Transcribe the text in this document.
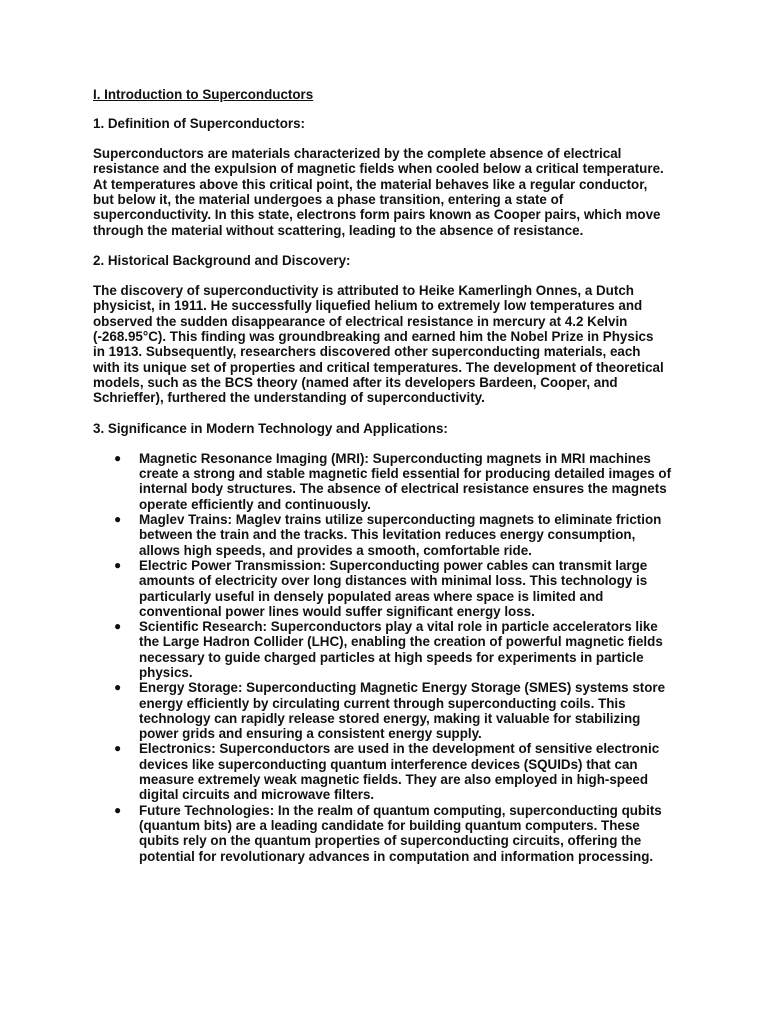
I. Introduction to Superconductors
1. Definition of Superconductors:
Superconductors are materials characterized by the complete absence of electrical resistance and the expulsion of magnetic fields when cooled below a critical temperature. At temperatures above this critical point, the material behaves like a regular conductor, but below it, the material undergoes a phase transition, entering a state of superconductivity. In this state, electrons form pairs known as Cooper pairs, which move through the material without scattering, leading to the absence of resistance.
2. Historical Background and Discovery:
The discovery of superconductivity is attributed to Heike Kamerlingh Onnes, a Dutch physicist, in 1911. He successfully liquefied helium to extremely low temperatures and observed the sudden disappearance of electrical resistance in mercury at 4.2 Kelvin (-268.95°C). This finding was groundbreaking and earned him the Nobel Prize in Physics in 1913. Subsequently, researchers discovered other superconducting materials, each with its unique set of properties and critical temperatures. The development of theoretical models, such as the BCS theory (named after its developers Bardeen, Cooper, and Schrieffer), furthered the understanding of superconductivity.
3. Significance in Modern Technology and Applications:
● Magnetic Resonance Imaging (MRI): Superconducting magnets in MRI machines create a strong and stable magnetic field essential for producing detailed images of internal body structures. The absence of electrical resistance ensures the magnets operate efficiently and continuously.
● Maglev Trains: Maglev trains utilize superconducting magnets to eliminate friction between the train and the tracks. This levitation reduces energy consumption, allows high speeds, and provides a smooth, comfortable ride.
● Electric Power Transmission: Superconducting power cables can transmit large amounts of electricity over long distances with minimal loss. This technology is particularly useful in densely populated areas where space is limited and conventional power lines would suffer significant energy loss.
● Scientific Research: Superconductors play a vital role in particle accelerators like the Large Hadron Collider (LHC), enabling the creation of powerful magnetic fields necessary to guide charged particles at high speeds for experiments in particle physics.
● Energy Storage: Superconducting Magnetic Energy Storage (SMES) systems store energy efficiently by circulating current through superconducting coils. This technology can rapidly release stored energy, making it valuable for stabilizing power grids and ensuring a consistent energy supply.
● Electronics: Superconductors are used in the development of sensitive electronic devices like superconducting quantum interference devices (SQUIDs) that can measure extremely weak magnetic fields. They are also employed in high-speed digital circuits and microwave filters.
● Future Technologies: In the realm of quantum computing, superconducting qubits (quantum bits) are a leading candidate for building quantum computers. These qubits rely on the quantum properties of superconducting circuits, offering the potential for revolutionary advances in computation and information processing.
